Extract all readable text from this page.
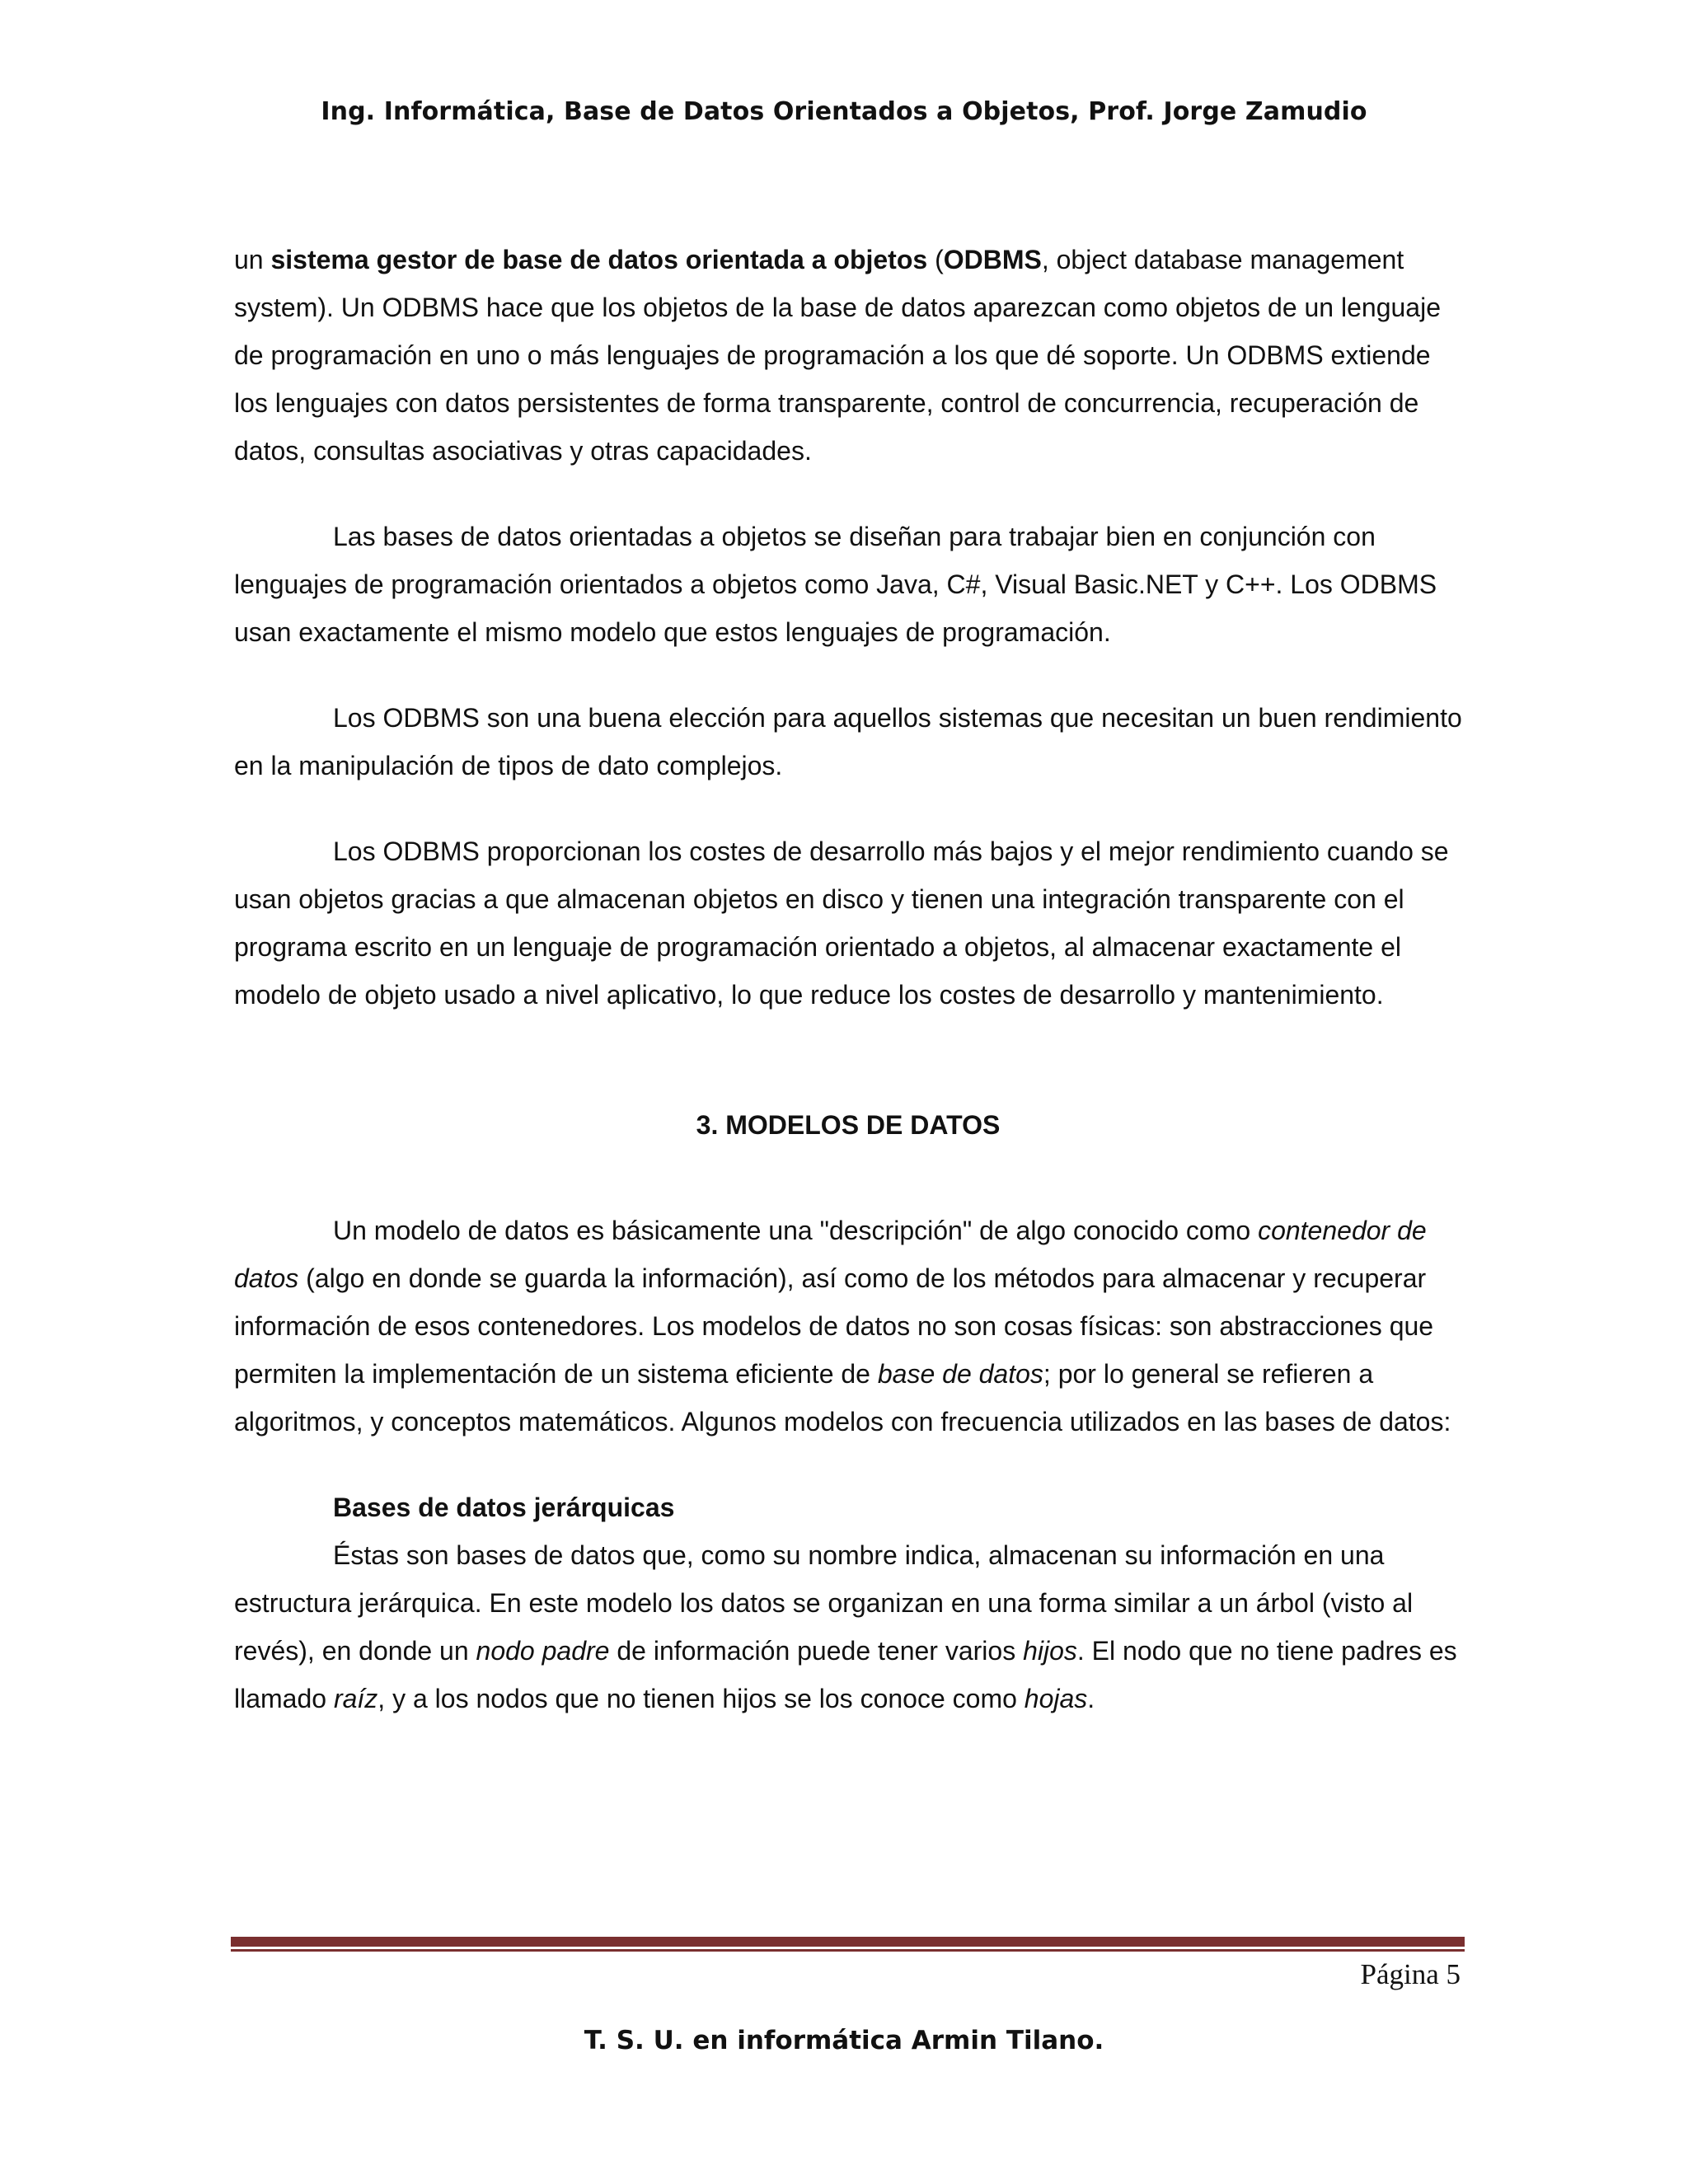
Ing. Informática, Base de Datos Orientados a Objetos, Prof. Jorge Zamudio

un sistema gestor de base de datos orientada a objetos (ODBMS, object database management system). Un ODBMS hace que los objetos de la base de datos aparezcan como objetos de un lenguaje de programación en uno o más lenguajes de programación a los que dé soporte. Un ODBMS extiende los lenguajes con datos persistentes de forma transparente, control de concurrencia, recuperación de datos, consultas asociativas y otras capacidades.

Las bases de datos orientadas a objetos se diseñan para trabajar bien en conjunción con lenguajes de programación orientados a objetos como Java, C#, Visual Basic.NET y C++. Los ODBMS usan exactamente el mismo modelo que estos lenguajes de programación.

Los ODBMS son una buena elección para aquellos sistemas que necesitan un buen rendimiento en la manipulación de tipos de dato complejos.

Los ODBMS proporcionan los costes de desarrollo más bajos y el mejor rendimiento cuando se usan objetos gracias a que almacenan objetos en disco y tienen una integración transparente con el programa escrito en un lenguaje de programación orientado a objetos, al almacenar exactamente el modelo de objeto usado a nivel aplicativo, lo que reduce los costes de desarrollo y mantenimiento.

3. MODELOS DE DATOS

Un modelo de datos es básicamente una "descripción" de algo conocido como contenedor de datos (algo en donde se guarda la información), así como de los métodos para almacenar y recuperar información de esos contenedores. Los modelos de datos no son cosas físicas: son abstracciones que permiten la implementación de un sistema eficiente de base de datos; por lo general se refieren a algoritmos, y conceptos matemáticos. Algunos modelos con frecuencia utilizados en las bases de datos:

Bases de datos jerárquicas

Éstas son bases de datos que, como su nombre indica, almacenan su información en una estructura jerárquica. En este modelo los datos se organizan en una forma similar a un árbol (visto al revés), en donde un nodo padre de información puede tener varios hijos. El nodo que no tiene padres es llamado raíz, y a los nodos que no tienen hijos se los conoce como hojas.

Página 5
T. S. U. en informática Armin Tilano.
